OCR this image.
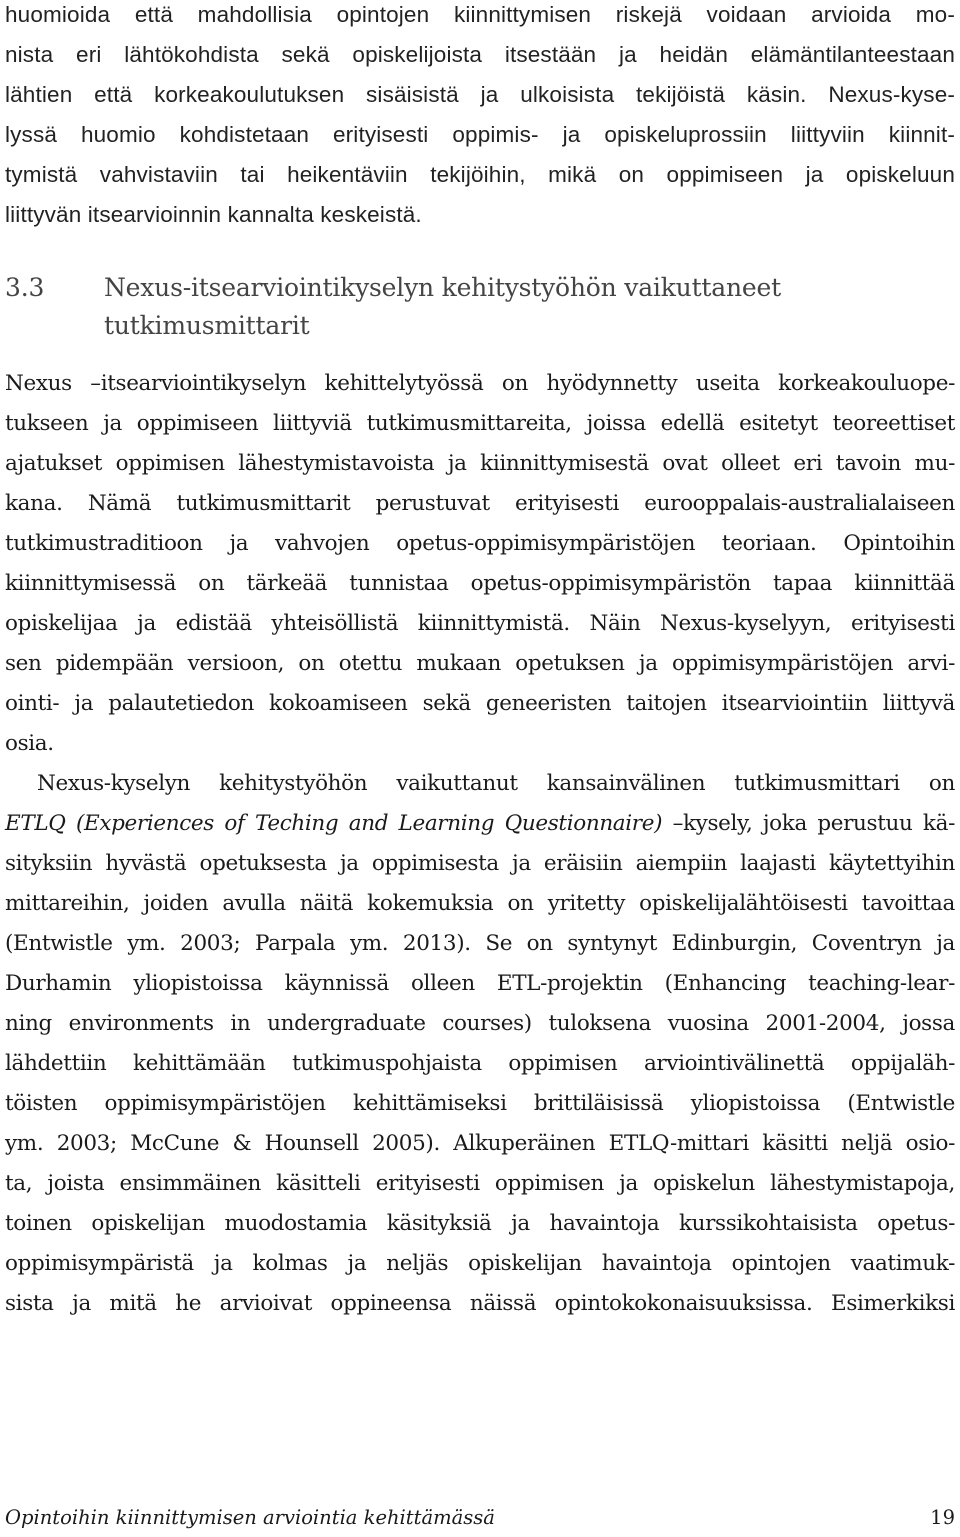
huomioida että mahdollisia opintojen kiinnittymisen riskejä voidaan arvioida mo-
nista eri lähtökohdista sekä opiskelijoista itsestään ja heidän elämäntilanteestaan
lähtien että korkeakoulutuksen sisäisistä ja ulkoisista tekijöistä käsin. Nexus-kyse-
lyssä huomio kohdistetaan erityisesti oppimis- ja opiskeluprossiin liittyviin kiinnit-
tymistä vahvistaviin tai heikentäviin tekijöihin, mikä on oppimiseen ja opiskeluun
liittyvän itsearvioinnin kannalta keskeistä.
3.3 Nexus-itsearviointikyselyn kehitystyöhön vaikuttaneet
tutkimusmittarit
Nexus –itsearviointikyselyn kehittelytyössä on hyödynnetty useita korkeakouluope-
tukseen ja oppimiseen liittyviä tutkimusmittareita, joissa edellä esitetyt teoreettiset
ajatukset oppimisen lähestymistavoista ja kiinnittymisestä ovat olleet eri tavoin mu-
kana. Nämä tutkimusmittarit perustuvat erityisesti eurooppalais-australialaiseen
tutkimustraditioon ja vahvojen opetus-oppimisympäristöjen teoriaan. Opintoihin
kiinnittymisessä on tärkeää tunnistaa opetus-oppimisympäristön tapaa kiinnittää
opiskelijaa ja edistää yhteisöllistä kiinnittymistä. Näin Nexus-kyselyyn, erityisesti
sen pidempään versioon, on otettu mukaan opetuksen ja oppimisympäristöjen arvi-
ointi- ja palautetiedon kokoamiseen sekä geneeristen taitojen itsearviointiin liittyvä
osia.
Nexus-kyselyn kehitystyöhön vaikuttanut kansainvälinen tutkimusmittari on
ETLQ (Experiences of Teching and Learning Questionnaire) –kysely, joka perustuu kä-
sityksiin hyvästä opetuksesta ja oppimisesta ja eräisiin aiempiin laajasti käytettyihin
mittareihin, joiden avulla näitä kokemuksia on yritetty opiskelijalähtöisesti tavoittaa
(Entwistle ym. 2003; Parpala ym. 2013). Se on syntynyt Edinburgin, Coventryn ja
Durhamin yliopistoissa käynnissä olleen ETL-projektin (Enhancing teaching-lear-
ning environments in undergraduate courses) tuloksena vuosina 2001-2004, jossa
lähdettiin kehittämään tutkimuspohjaista oppimisen arviointivälinettä oppijaläh-
töisten oppimisympäristöjen kehittämiseksi brittiläisissä yliopistoissa (Entwistle
ym. 2003; McCune & Hounsell 2005). Alkuperäinen ETLQ-mittari käsitti neljä osio-
ta, joista ensimmäinen käsitteli erityisesti oppimisen ja opiskelun lähestymistapoja,
toinen opiskelijan muodostamia käsityksiä ja havaintoja kurssikohtaisista opetus-
oppimisympäristä ja kolmas ja neljäs opiskelijan havaintoja opintojen vaatimuk-
sista ja mitä he arvioivat oppineensa näissä opintokokonaisuuksissa. Esimerkiksi
Opintoihin kiinnittymisen arviointia kehittämässä	19
